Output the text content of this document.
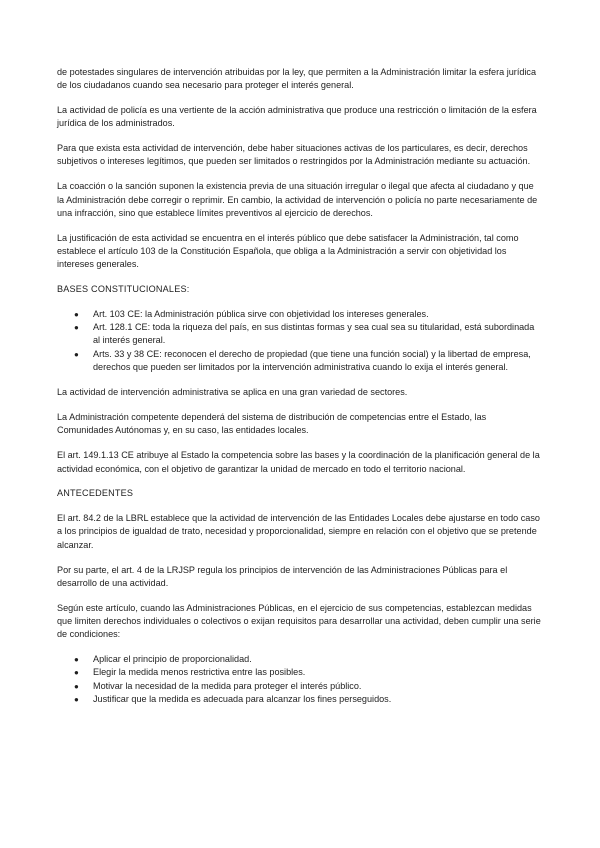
de potestades singulares de intervención atribuidas por la ley, que permiten a la Administración limitar la esfera jurídica de los ciudadanos cuando sea necesario para proteger el interés general.

La actividad de policía es una vertiente de la acción administrativa que produce una restricción o limitación de la esfera jurídica de los administrados.

Para que exista esta actividad de intervención, debe haber situaciones activas de los particulares, es decir, derechos subjetivos o intereses legítimos, que pueden ser limitados o restringidos por la Administración mediante su actuación.

La coacción o la sanción suponen la existencia previa de una situación irregular o ilegal que afecta al ciudadano y que la Administración debe corregir o reprimir. En cambio, la actividad de intervención o policía no parte necesariamente de una infracción, sino que establece límites preventivos al ejercicio de derechos.

La justificación de esta actividad se encuentra en el interés público que debe satisfacer la Administración, tal como establece el artículo 103 de la Constitución Española, que obliga a la Administración a servir con objetividad los intereses generales.

BASES CONSTITUCIONALES:
● Art. 103 CE: la Administración pública sirve con objetividad los intereses generales.
● Art. 128.1 CE: toda la riqueza del país, en sus distintas formas y sea cual sea su titularidad, está subordinada al interés general.
● Arts. 33 y 38 CE: reconocen el derecho de propiedad (que tiene una función social) y la libertad de empresa, derechos que pueden ser limitados por la intervención administrativa cuando lo exija el interés general.

La actividad de intervención administrativa se aplica en una gran variedad de sectores.

La Administración competente dependerá del sistema de distribución de competencias entre el Estado, las Comunidades Autónomas y, en su caso, las entidades locales.

El art. 149.1.13 CE atribuye al Estado la competencia sobre las bases y la coordinación de la planificación general de la actividad económica, con el objetivo de garantizar la unidad de mercado en todo el territorio nacional.

ANTECEDENTES

El art. 84.2 de la LBRL establece que la actividad de intervención de las Entidades Locales debe ajustarse en todo caso a los principios de igualdad de trato, necesidad y proporcionalidad, siempre en relación con el objetivo que se pretende alcanzar.

Por su parte, el art. 4 de la LRJSP regula los principios de intervención de las Administraciones Públicas para el desarrollo de una actividad.

Según este artículo, cuando las Administraciones Públicas, en el ejercicio de sus competencias, establezcan medidas que limiten derechos individuales o colectivos o exijan requisitos para desarrollar una actividad, deben cumplir una serie de condiciones:

● Aplicar el principio de proporcionalidad.
● Elegir la medida menos restrictiva entre las posibles.
● Motivar la necesidad de la medida para proteger el interés público.
● Justificar que la medida es adecuada para alcanzar los fines perseguidos.
